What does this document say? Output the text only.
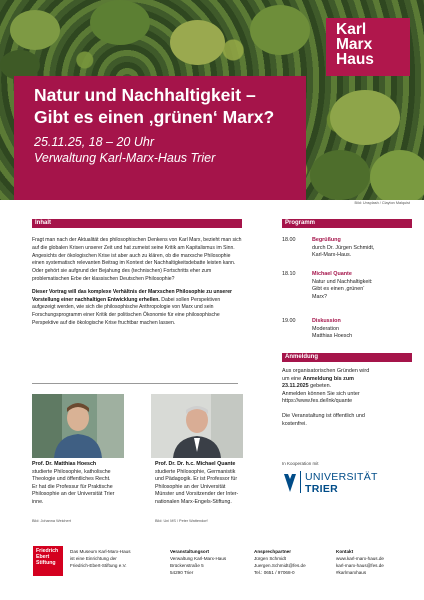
Karl
Marx
Haus
Natur und Nachhaltigkeit –
Gibt es einen ‚grünen‘ Marx?
25.11.25, 18 – 20 Uhr
Verwaltung Karl-Marx-Haus Trier
Bild: Unsplash / Clayton Malquist
Inhalt

Fragt man nach der Aktualität des philosophischen Denkens von Karl Marx, bezieht man sich auf die globalen Krisen unserer Zeit und hat zumeist seine Kritik am Kapitalismus im Sinn. Angesichts der ökologischen Krise ist aber auch zu klären, ob die marxsche Philosophie einen systematisch relevanten Beitrag im Kontext der Nachhaltigkeitsdebatte leisten kann. Oder gehört sie aufgrund der Bejahung des (technischen) Fortschritts eher zum problematischen Erbe der klassischen Deutschen Philosophie?

Dieser Vortrag will das komplexe Verhältnis der Marxschen Philosophie zu unserer Vorstellung einer nachhaltigen Entwicklung erhellen. Dabei sollen Perspektiven aufgezeigt werden, wie sich die philosophische Anthropologie von Marx und sein Forschungsprogramm einer Kritik der politischen Ökonomie für eine philosophische Perspektive auf die ökologische Krise fruchtbar machen lassen.

Programm
18.00	Begrüßung
durch Dr. Jürgen Schmidt,
Karl-Marx-Haus.
18.10	Michael Quante
Natur und Nachhaltigkeit:
Gibt es einen ‚grünen‘
Marx?
19.00	Diskussion
Moderation
Matthias Hoesch
Anmeldung
Aus organisatorischen Gründen wird
um eine Anmeldung bis zum
23.11.2025 gebeten.
Anmelden können Sie sich unter
https://www.fes.de/lnk/quante
Die Veranstaltung ist öffentlich und
kostenfrei.
In Kooperation mit
UNIVERSITÄT
TRIER
Prof. Dr. Matthias Hoesch
studierte Philosophie, katholische
Theologie und öffentliches Recht.
Er hat die Professur für Praktische
Philosophie an der Universität Trier
inne.
Bild: Johanna Weichert
Prof. Dr. Dr. h.c. Michael Quante
studierte Philosophie, Germanistik
und Pädagogik. Er ist Professor für
Philosophie an der Universität
Münster und Vorsitzender der Inter-
nationalen Marx-Engels-Stiftung.
Bild: Uni MS / Peter Wattendorf
Friedrich
Ebert
Stiftung
Das Museum Karl-Marx-Haus
ist eine Einrichtung der
Friedrich-Ebert-Stiftung e.V.
Veranstaltungsort
Verwaltung Karl-Marx-Haus
Brückenstraße 5
54290 Trier
Ansprechpartner
Jürgen Schmidt
Juergen.Schmidt@fes.de
Tel.: 0651 / 97068-0
Kontakt
www.karl-marx-haus.de
karl-marx-haus@fes.de
#karlmarxhaus
